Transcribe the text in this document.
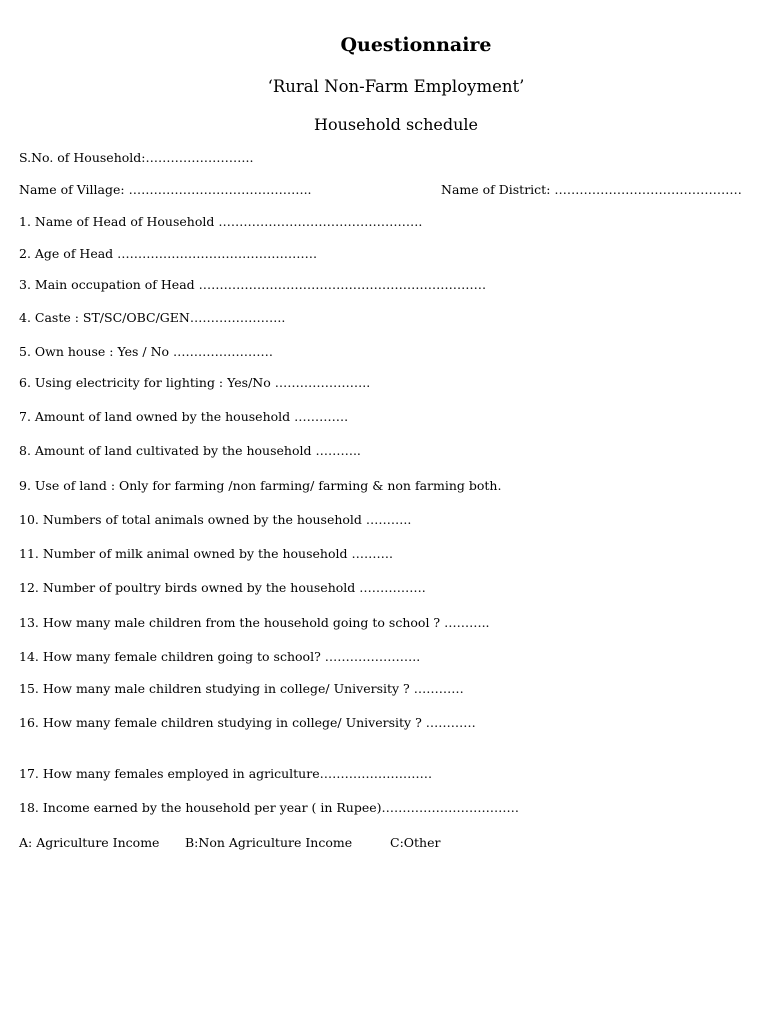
Questionnaire
‘Rural Non-Farm Employment’
Household schedule
S.No. of Household:……………………..
Name of Village: ……………………………………..	Name of District: ………………………………………
1. Name of Head of Household ………………………………………….
2. Age of Head …………………………………………
3. Main occupation of Head ……………………………………………………………
4. Caste : ST/SC/OBC/GEN…………………..
5. Own house : Yes / No ……………………
6. Using electricity for lighting : Yes/No …………………..
7. Amount of land owned by the household ………….
8. Amount of land cultivated by the household ………..
9. Use of land : Only for farming /non farming/ farming & non farming both.
10. Numbers of total animals owned by the household ………..
11. Number of milk animal owned by the household ……….
12. Number of poultry birds owned by the household …………….
13. How many male children from the household going to school ? ………..
14. How many female children going to school? …………………..
15. How many male children studying in college/ University ? …………
16. How many female children studying in college/ University ? …………
17. How many females employed in agriculture………………………
18. Income earned by the household per year ( in Rupee)……………………………
A: Agriculture Income B:Non Agriculture Income	C:Other
